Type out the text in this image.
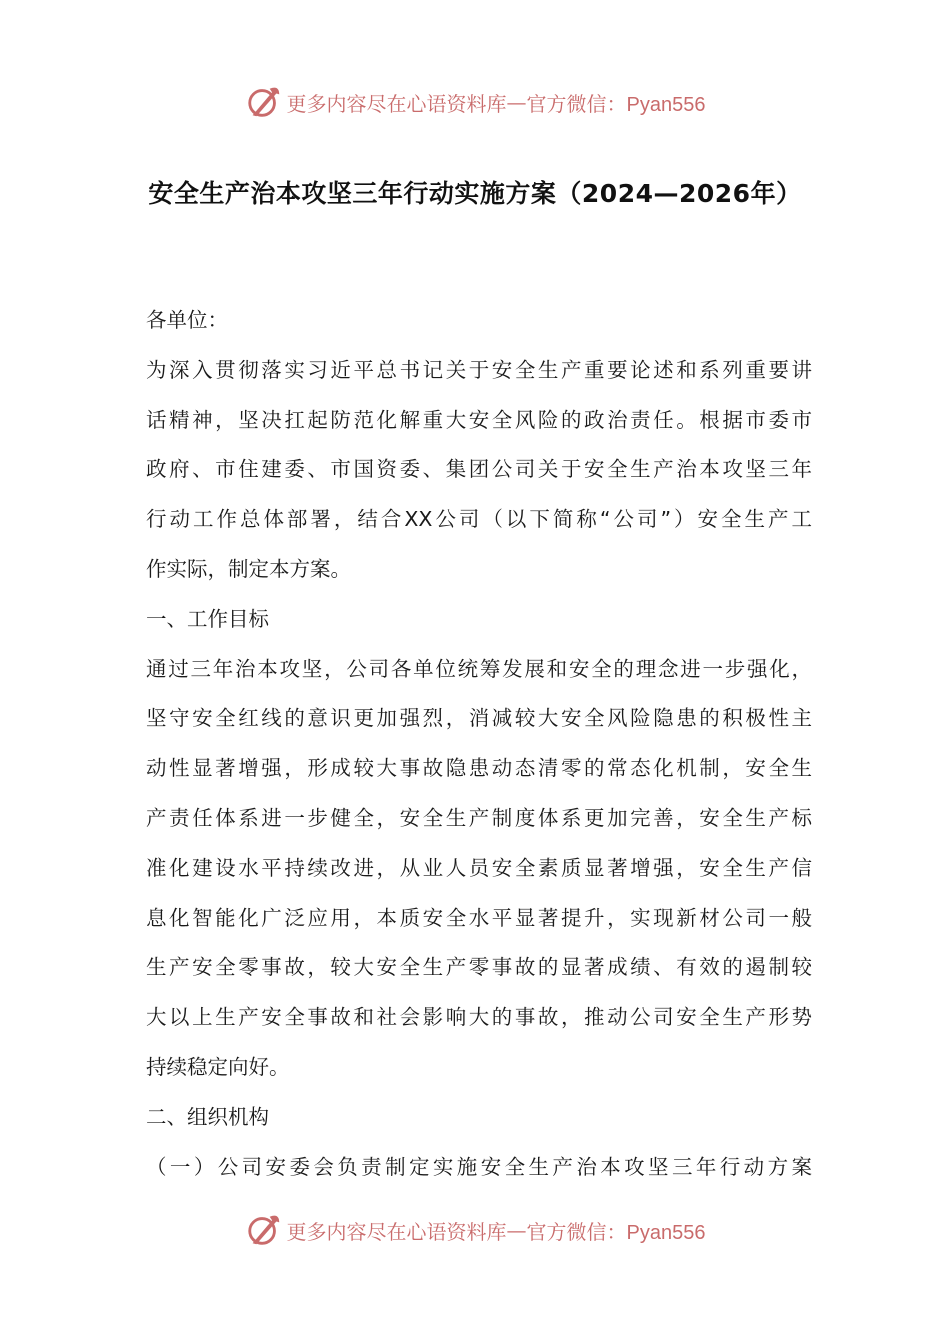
更多内容尽在心语资料库 — 官方微信：Pyan556
安全生产治本攻坚三年行动实施方案（2024—2026年）
各单位：
为深入贯彻落实习近平总书记关于安全生产重要论述和系列重要讲
话精神，坚决扛起防范化解重大安全风险的政治责任。根据市委市
政府、市住建委、市国资委、集团公司关于安全生产治本攻坚三年
行动工作总体部署，结合XX公司（以下简称“公司”）安全生产工
作实际，制定本方案。
一、工作目标
通过三年治本攻坚，公司各单位统筹发展和安全的理念进一步强化，
坚守安全红线的意识更加强烈，消减较大安全风险隐患的积极性主
动性显著增强，形成较大事故隐患动态清零的常态化机制，安全生
产责任体系进一步健全，安全生产制度体系更加完善，安全生产标
准化建设水平持续改进，从业人员安全素质显著增强，安全生产信
息化智能化广泛应用，本质安全水平显著提升，实现新材公司一般
生产安全零事故，较大安全生产零事故的显著成绩、有效的遏制较
大以上生产安全事故和社会影响大的事故，推动公司安全生产形势
持续稳定向好。
二、组织机构
（一）公司安委会负责制定实施安全生产治本攻坚三年行动方案
更多内容尽在心语资料库 — 官方微信：Pyan556
